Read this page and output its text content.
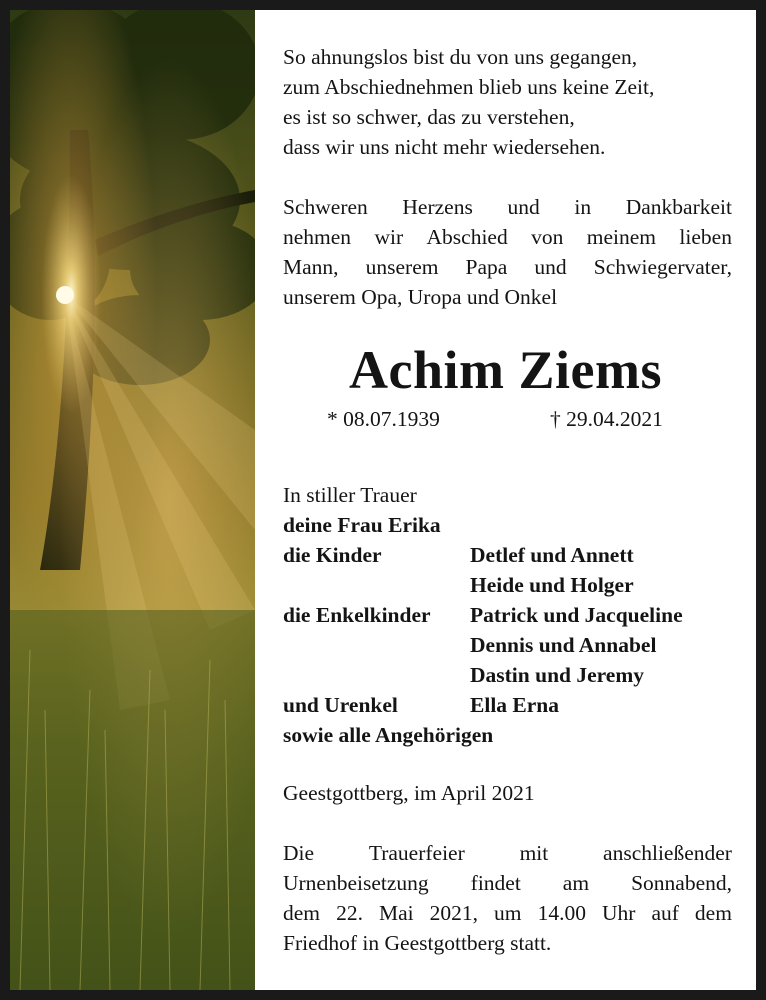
So ahnungslos bist du von uns gegangen,

zum Abschiednehmen blieb uns keine Zeit,

es ist so schwer, das zu verstehen,

dass wir uns nicht mehr wiedersehen.

Schweren Herzens und in Dankbarkeit

nehmen wir Abschied von meinem lieben

Mann, unserem Papa und Schwiegervater,

unserem Opa, Uropa und Onkel

Achim Ziems
* 08.07.1939	† 29.04.2021

In stiller Trauer

deine Frau Erika

die Kinder	Detlef und Annett
Heide und Holger
die Enkelkinder	Patrick und Jacqueline
Dennis und Annabel
Dastin und Jeremy
und Urenkel	Ella Erna

sowie alle Angehörigen

Geestgottberg, im April 2021

Die	Trauerfeier	mit	anschließender

Urnenbeisetzung findet am Sonnabend,

dem 22. Mai 2021, um 14.00 Uhr auf dem

Friedhof in Geestgottberg statt.
